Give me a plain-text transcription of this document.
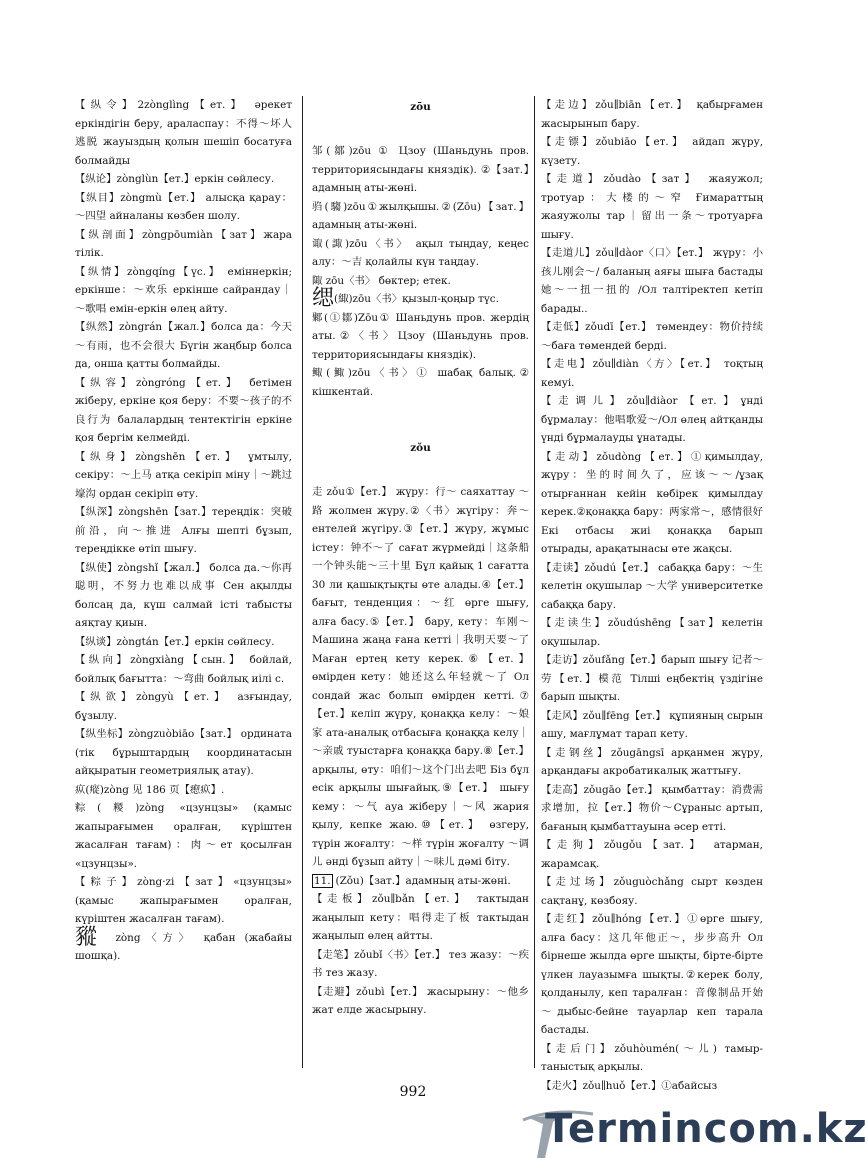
【纵令】2zònglìng【ет.】 әрекет еркіндігін беру, араласпау：不得～坏人逃脱 жауыздың қолын шешіп босатуға болмайды

【纵论】zònglùn【ет.】еркін сөйлесу.

【纵目】zòngmù【ет.】 алысқа қарау：～四望 айналаны көзбен шолу.

【纵剖面】zòngpōumiàn【зат】жара тілік.

【纵情】zòngqíng【үс.】 еміннеркін; еркінше：～欢乐 еркінше сайрандау｜～歌唱 емін-еркін өлең айту.

【纵然】zòngrán【жал.】болса да：今天～有雨，也不会很大 Бүгін жаңбыр болса да, онша қатты болмайды.

【纵容】zòngróng【ет.】 бетімен жіберу, еркіне қоя беру：不要～孩子的不良行为 балалардың тентектігін еркіне қоя бергім келмейді.

【纵身】zòngshēn【ет.】 ұмтылу, секіру：～上马 атқа секіріп міну｜～跳过壕沟 ордан секіріп өту.

【纵深】zòngshēn【зат.】тереңдік：突破前沿，向～推进 Алғы шепті бұзып, тереңдікке өтіп шығу.

【纵使】zòngshǐ【жал.】 болса да.～你再聪明，不努力也难以成事 Сен ақылды болсаң да, күш салмай істі табысты аяқтау қиын.

【纵谈】zòngtán【ет.】еркін сөйлесу.

【纵向】zòngxiàng【сын.】 бойлай, бойлық бағытта：～弯曲 бойлық иілі с.

【纵欲】zòngyù【ет.】 азғындау, бұзылу.

【纵坐标】zòngzuòbiāo【зат.】 ордината (тік бұрыштардың координатасын айқыратын геометриялық атау).

疭(瘲)zòng 见 186 页【瘛疭】.

粽(糉)zòng «цзунцзы» (қамыс жапырағымен оралған, күріштен жасалған тағам)：肉～ет қосылған «цзунцзы».

【粽子】zòng·zi【зат】«цзунцзы» (қамыс жапырағымен оралған, күріштен жасалған тағам).

豵 zòng〈方〉 қабан (жабайы шошқа).

zōu

邹(鄒)zōu ① Цзоу (Шаньдунь пров. территориясындағы княздік). ②【зат.】адамның аты-жөні.

驺(騶)zōu①жылқышы.②(Zōu)【зат.】 адамның аты-жөні.

诹(諏)zōu〈书〉 ақыл тыңдау, кеңес алу：～吉 қолайлы күн таңдау.

陬 zōu〈书〉 бөктер; етек.

缌(緅)zōu〈书〉қызыл-қоңыр түс.

鄹(①鄒)Zōu① Шаньдунь пров. жердің аты.②〈书〉Цзоу (Шаньдунь пров. территориясындағы княздік).

鲰(鯫)zōu〈书〉① шабақ балық.② кішкентай.

zǒu

走 zǒu①【ет.】 жүру：行～ саяхаттау ～路 жолмен жүру.②〈书〉жүгіру：奔～ентелей жүгіру.③【ет.】жүру, жұмыс істеу：钟不～了 сағат жүрмейді｜这条船一个钟头能～三十里 Бұл қайық 1 сағатта 30 ли қашықтықты өте алады.④【ет.】 бағыт, тенденция：～红 өрге шығу, алға басу.⑤【ет.】 бару, кету：车刚～ Машина жаңа ғана кетті｜我明天要～了 Маған ертең кету керек.⑥【ет.】 өмірден кету：她还这么年轻就～了 Ол сондай жас болып өмірден кетті.⑦【ет.】келіп жүру, қонаққа келу：～娘家 ата-аналық отбасыға қонаққа келу｜～亲戚 туыстарға қонаққа бару.⑧【ет.】 арқылы, өту：咱们～这个门出去吧 Біз бұл есік арқылы шығайық.⑨【ет.】 шығу кему：～气 ауа жіберу｜～风 жария қылу, кепке жаю.⑩【ет.】 өзгеру, түрін жоғалту：～样 түрін жоғалту ～调儿 әнді бұзып айту｜～味儿 дәмі біту.

11. (Zǒu)【зат.】адамның аты-жөні.

【走板】zǒu∥bǎn【ет.】 тактыдан жаңылып кету：唱得走了板 тактыдан жаңылып өлең айтты.

【走笔】zǒubǐ〈书〉【ет.】 тез жазу：～疾书 тез жазу.

【走避】zǒubì【ет.】 жасырыну：～他乡 жат елде жасырыну.

【走边】zǒu∥biān【ет.】 қабырғамен жасырынып бару.

【走镖】zǒubiāo【ет.】 айдап жүру, күзету.

【走道】zǒudào【зат】 жаяужол; тротуар：大楼的～窄 Ғимараттың жаяужолы тар｜留出一条～тротуарға шығу.

【走道儿】zǒu∥dàor〈口〉【ет.】 жүру：小孩儿刚会～/ баланың аяғы шыға бастады 她～一扭一扭的 /Ол талтіректеп кетіп барады..

【走低】zǒudī【ет.】 төмендеу：物价持续～баға төмендей берді.

【走电】zǒu∥diàn〈方〉【ет.】 тоқтың кемуі.

【走调儿】zǒu∥diàor【ет.】ұнді бұрмалау：他唱歌爱～/Ол өлең айтқанды үнді бұрмалауды ұнатады.

【走动】zǒudòng【ет.】①қимылдау, жүру：坐的时间久了，应该～～/ұзақ отырғаннан кейін көбірек қимылдау керек.②қонаққа бару：两家常～，感情很好 Екі отбасы жиі қонаққа барып отырады, арақатынасы өте жақсы.

【走读】zǒudú【ет.】 сабаққа бару：～生 келетін оқушылар ～大学 университетке сабаққа бару.

【走读生】zǒudúshēng【зат】келетін оқушылар.

【走访】zǒufǎng【ет.】барып шығу 记者～劳【ет.】模范 Тілші еңбектің үздігіне барып шықты.

【走风】zǒu∥fēng【ет.】 құпияның сырын ашу, мағлұмат тарап кету.

【走钢丝】zǒugāngsī арқанмен жүру, арқандағы акробатикалық жаттығу.

【走高】zǒugāo【ет.】 қымбаттау：消费需求增加，拉【ет.】物价～Сұраныс артып, бағаның қымбаттауына әсер етті.

【走狗】zǒugǒu【зат.】 атарман, жарамсақ.

【走过场】zǒuguòchǎng сырт көзден сақтанұ, көзбояу.

【走红】zǒu∥hóng【ет.】①өрге шығу, алға басу：这几年他正～，步步高升 Ол бірнеше жылда өрге шықты, бірте-бірте үлкен лауазымға шықты.②керек болу, қолданылу, кеп таралған：音像制品开始～дыбыс-бейне тауарлар кеп тарала бастады.

【走后门】zǒuhòumén(～儿) тамыр-таныстық арқылы.

【走火】zǒu∥huǒ【ет.】①абайсыз

992
Termincom.kz
